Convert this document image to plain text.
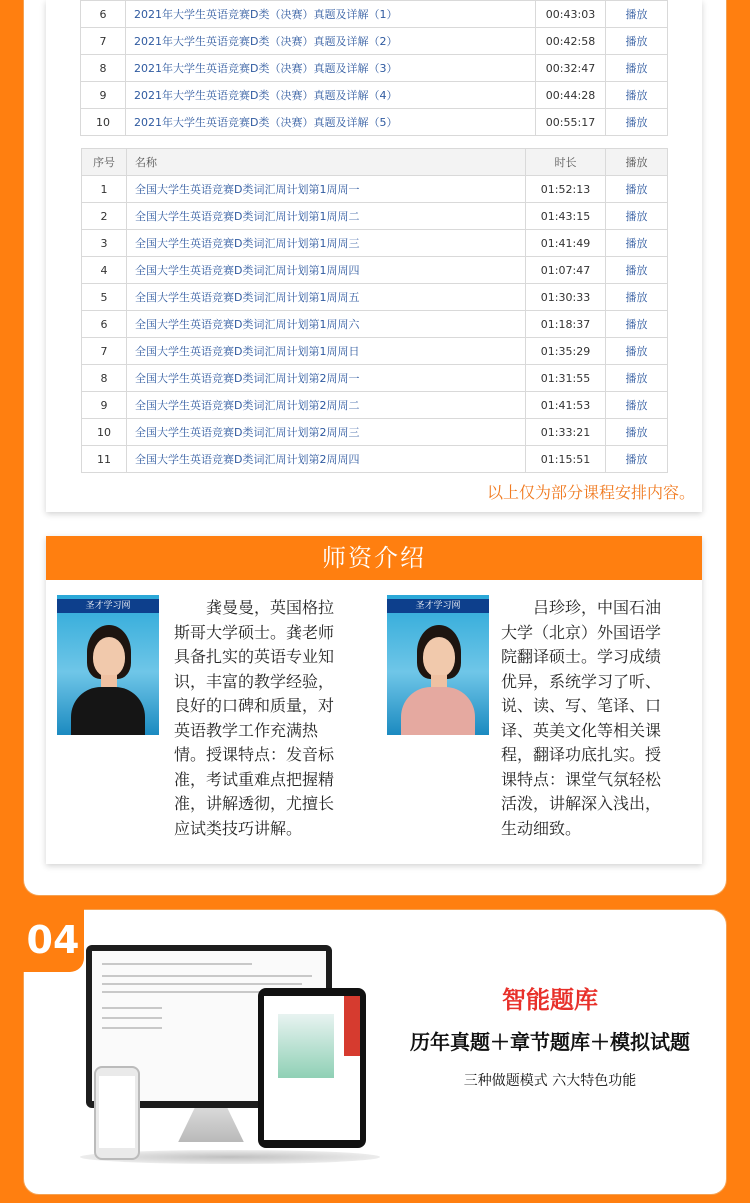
6	2021年大学生英语竞赛D类（决赛）真题及详解（1）	00:43:03	播放
7	2021年大学生英语竞赛D类（决赛）真题及详解（2）	00:42:58	播放
8	2021年大学生英语竞赛D类（决赛）真题及详解（3）	00:32:47	播放
9	2021年大学生英语竞赛D类（决赛）真题及详解（4）	00:44:28	播放
10	2021年大学生英语竞赛D类（决赛）真题及详解（5）	00:55:17	播放
序号	名称	时长	播放
1	全国大学生英语竞赛D类词汇周计划第1周周一	01:52:13	播放
2	全国大学生英语竞赛D类词汇周计划第1周周二	01:43:15	播放
3	全国大学生英语竞赛D类词汇周计划第1周周三	01:41:49	播放
4	全国大学生英语竞赛D类词汇周计划第1周周四	01:07:47	播放
5	全国大学生英语竞赛D类词汇周计划第1周周五	01:30:33	播放
6	全国大学生英语竞赛D类词汇周计划第1周周六	01:18:37	播放
7	全国大学生英语竞赛D类词汇周计划第1周周日	01:35:29	播放
8	全国大学生英语竞赛D类词汇周计划第2周周一	01:31:55	播放
9	全国大学生英语竞赛D类词汇周计划第2周周二	01:41:53	播放
10	全国大学生英语竞赛D类词汇周计划第2周周三	01:33:21	播放
11	全国大学生英语竞赛D类词汇周计划第2周周四	01:15:51	播放
以上仅为部分课程安排内容。
师资介绍
圣才学习网	龚曼曼，英国格拉斯哥大学硕士。龚老师具备扎实的英语专业知识，丰富的教学经验，良好的口碑和质量，对英语教学工作充满热情。授课特点：发音标准，考试重难点把握精准，讲解透彻，尤擅长应试类技巧讲解。
圣才学习网	吕珍珍，中国石油大学（北京）外国语学院翻译硕士。学习成绩优异，系统学习了听、说、读、写、笔译、口译、英美文化等相关课程，翻译功底扎实。授课特点：课堂气氛轻松活泼，讲解深入浅出，生动细致。
04
智能题库
历年真题＋章节题库＋模拟试题
三种做题模式 六大特色功能
